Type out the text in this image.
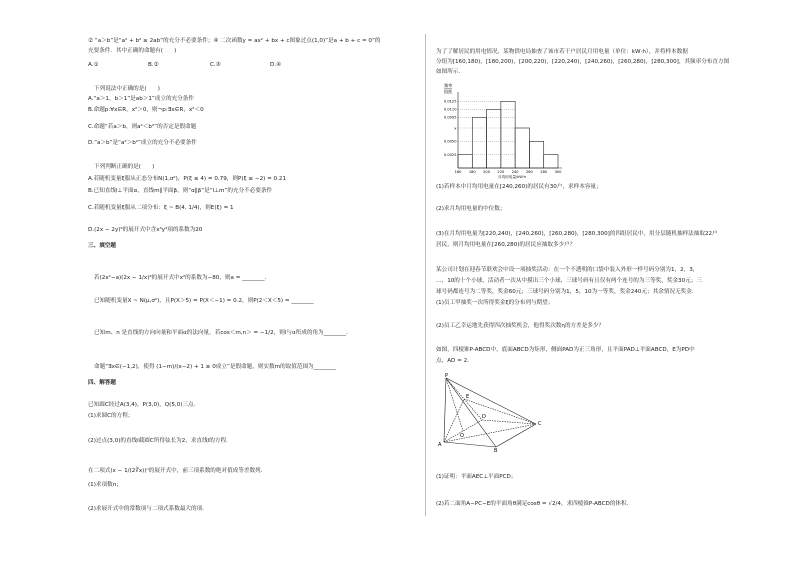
② “a＞b”是“a² + b² ≥ 2ab”的充分不必要条件；④ 二次函数y = ax² + bx + c图象过点(1,0)”是a + b + c = 0”的
充要条件．其中正确的命题有(　　)
A.①	B.②	C.③	D.④
下列说法中正确的是(　　)
A.“a＞1，b＞1”是ab＞1”成立的充分条件
B.命题p:∀x∈R，x²＞0，则¬p:∃x∈R，x²＜0
C.命题“若a＞b，则a²＜b²”的否定是假命题
D.“a＞b”是“a²＞b²”成立的充分不必要条件
下列判断正确的是(　　)
A.若随机变量ξ服从正态分布N(1,σ²)，P(ξ ≤ 4) = 0.79，则P(ξ ≤ −2) = 0.21
B.已知直线l⊥平面α，直线m∥平面β，则“α∥β”是“l⊥m”的充分不必要条件
C.若随机变量ξ服从二项分布：ξ ~ B(4, 1/4)，则E(ξ) = 1
D.(2x − 2y)⁶的展开式中含x³y³项的系数为20
三、填空题
若(2x²−a)(2x − 1/x)⁶的展开式中x²的系数为−80，则a = ________．
已知随机变量X ~ N(μ,σ²)，且P(X＞5) = P(X＜−1) = 0.2，则P(2＜X＜5) = ________
已知m、n 是直线的方向向量和平面α的法向量，若cos＜m,n＞ = −1/2，则l与α所成的角为________．
命题“∃x∈(−1,2)，使得 (1−m)/(x−2) + 1 ≥ 0成立”是假命题，则实数m的取值范围为________
四、解答题
已知圆C经过A(3,4)，P(3,0)，Q(5,0)三点．
(1)求圆C的方程；
(2)过点(3,0)的直线l截圆C所得弦长为2，求直线l的方程．
在二项式(x − 1/(2∛x))ⁿ的展开式中，前三项系数的绝对值成等差数列．
(1)求项数n；
(2)求展开式中的常数项与二项式系数最大的项．
为了了解居民的用电情况，某物供电局抽查了该市若干户居民月用电量（单位：kW·h），并将样本数据
分组为[160,180)，[180,200)，[200,220)，[220,240)，[240,260)，[260,280)，[280,300]，其频率分布直方图
如图所示．
频率
组距
月均用电量/kW·h
0.0125
0.0110
0.0095
x
0.0050
0.0025
160 180 200 220 240 260 280 300
(1)若样本中月均用电量在[240,260)的居民有30户，求样本容量；
(2)求月均用电量的中位数；
(3)在月均用电量为[220,240)，[240,260)，[260,280)，[280,300]的四组居民中，用分层随机抽样法抽取22户
居民，则月均用电量在[260,280)的居民应抽取多少户？
某公司计划在迎春节联欢会中设一项抽奖活动：在一个不透明的口袋中装入外形一样号码分别为1，2，3，
…，10的十个小球，活动者一次从中摸出三个小球，三球号码有且仅有两个连号的为三等奖，奖金30元；三
球号码都连号为二等奖，奖金60元；三球号码分别为1，5，10为一等奖，奖金240元；其余情况无奖金．
(1)员工甲抽奖一次所得奖金ξ的分布列与期望；
(2)员工乙幸运地先获得四次抽奖机会，他得奖次数η的方差是多少？
如图，四棱锥P-ABCD中，底面ABCD为矩形，侧面PAD为正三角形，且平面PAD⊥平面ABCD，E为PD中
点，AD = 2．
P
A
B
C
D
E
O
(1)证明：平面AEC⊥平面PCD；
(2)若二面角A−PC−E的平面角θ满足cosθ = √2/4，求四棱锥P-ABCD的体积．
